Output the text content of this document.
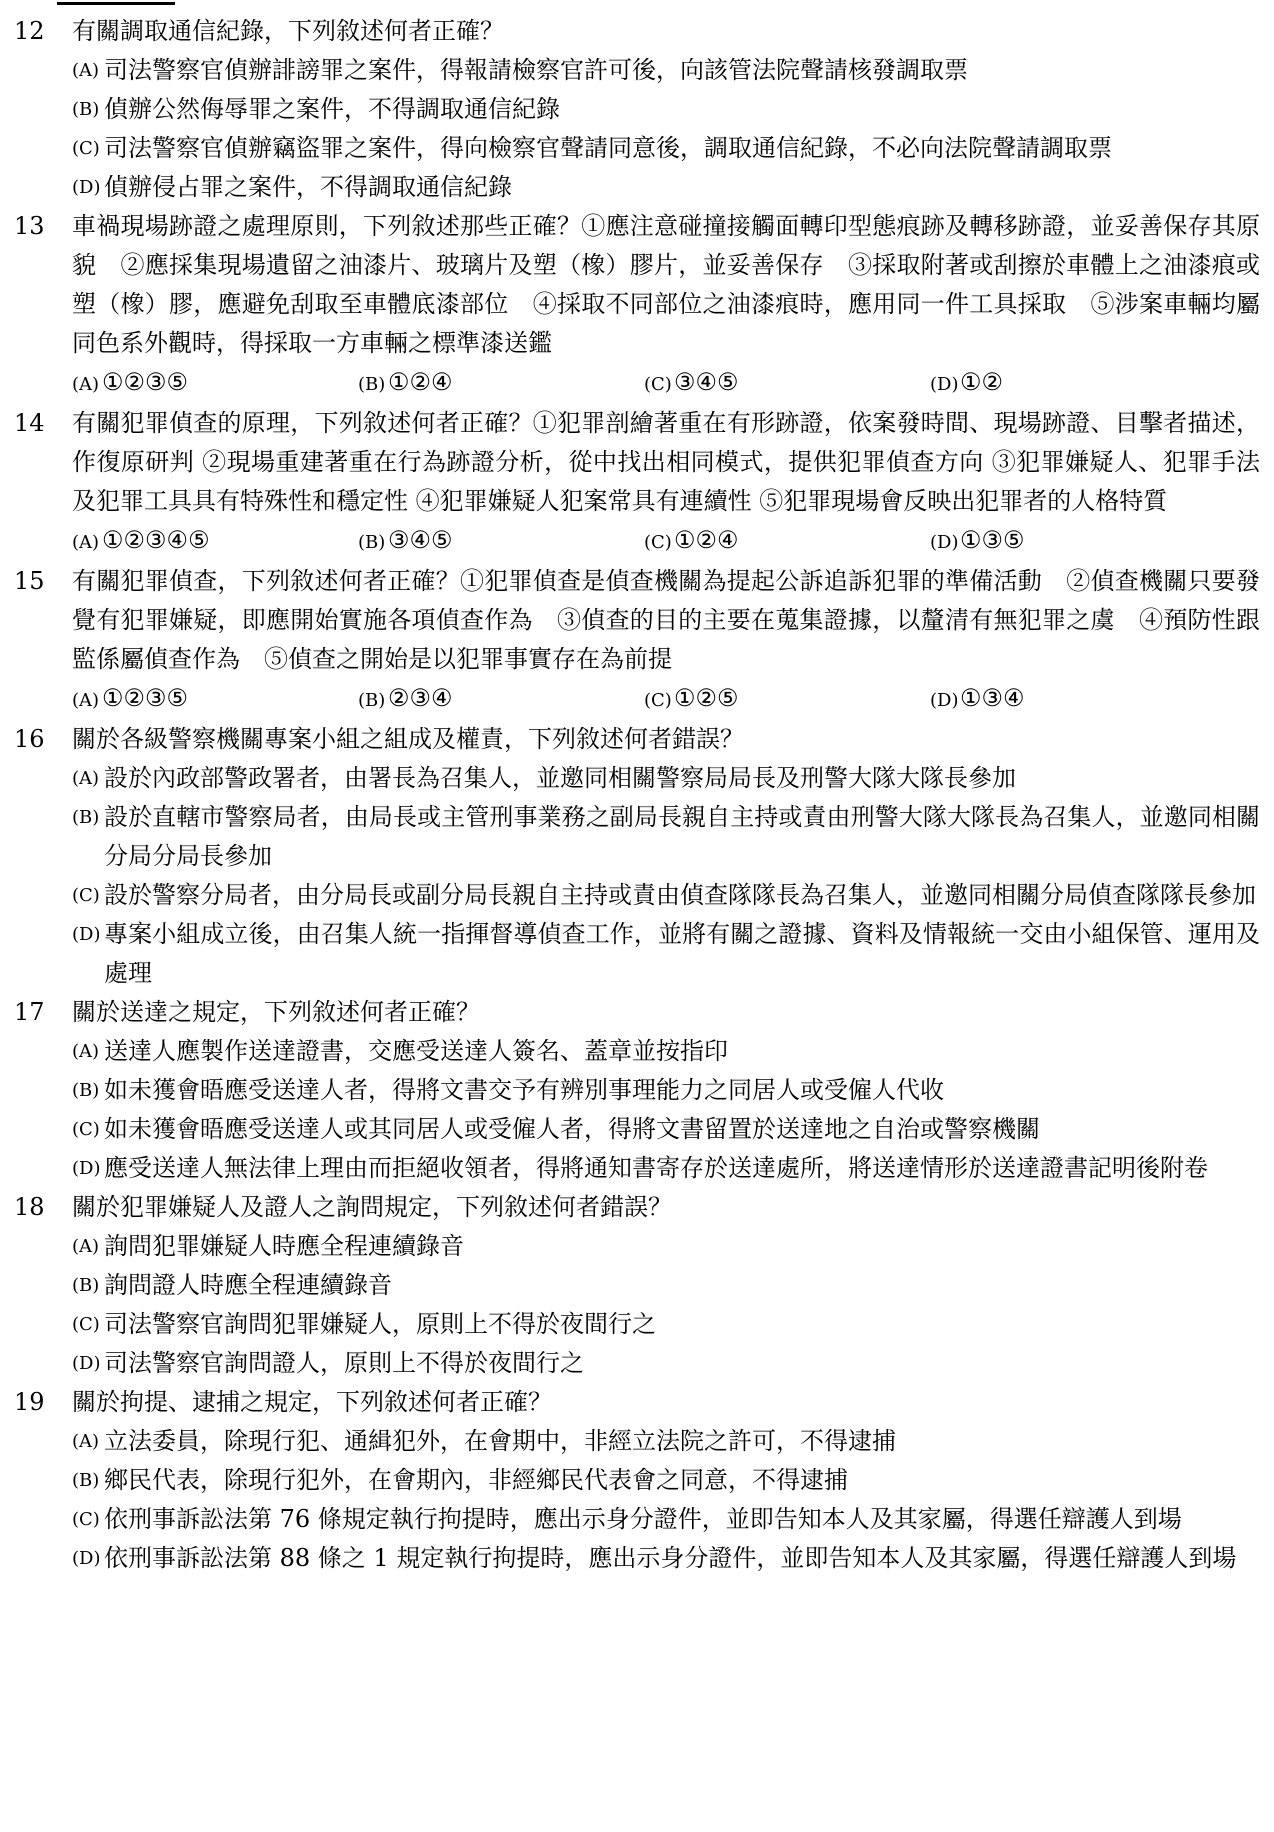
12	有關調取通信紀錄，下列敘述何者正確？
(A) 司法警察官偵辦誹謗罪之案件，得報請檢察官許可後，向該管法院聲請核發調取票
(B) 偵辦公然侮辱罪之案件，不得調取通信紀錄
(C) 司法警察官偵辦竊盜罪之案件，得向檢察官聲請同意後，調取通信紀錄，不必向法院聲請調取票
(D) 偵辦侵占罪之案件，不得調取通信紀錄
13	車禍現場跡證之處理原則，下列敘述那些正確？①應注意碰撞接觸面轉印型態痕跡及轉移跡證，並妥善保存其原貌　②應採集現場遺留之油漆片、玻璃片及塑（橡）膠片，並妥善保存　③採取附著或刮擦於車體上之油漆痕或塑（橡）膠，應避免刮取至車體底漆部位　④採取不同部位之油漆痕時，應用同一件工具採取　⑤涉案車輛均屬同色系外觀時，得採取一方車輛之標準漆送鑑
(A) ①②③⑤	(B) ①②④	(C)③④⑤	(D)①②
14	有關犯罪偵查的原理，下列敘述何者正確？①犯罪剖繪著重在有形跡證，依案發時間、現場跡證、目擊者描述，作復原研判 ②現場重建著重在行為跡證分析，從中找出相同模式，提供犯罪偵查方向 ③犯罪嫌疑人、犯罪手法及犯罪工具具有特殊性和穩定性 ④犯罪嫌疑人犯案常具有連續性 ⑤犯罪現場會反映出犯罪者的人格特質
(A) ①②③④⑤	(B) ③④⑤	(C)①②④	(D)①③⑤
15	有關犯罪偵查，下列敘述何者正確？①犯罪偵查是偵查機關為提起公訴追訴犯罪的準備活動　②偵查機關只要發覺有犯罪嫌疑，即應開始實施各項偵查作為　③偵查的目的主要在蒐集證據，以釐清有無犯罪之虞　④預防性跟監係屬偵查作為　⑤偵查之開始是以犯罪事實存在為前提
(A) ①②③⑤	(B) ②③④	(C)①②⑤	(D)①③④
16	關於各級警察機關專案小組之組成及權責，下列敘述何者錯誤？
(A) 設於內政部警政署者，由署長為召集人，並邀同相關警察局局長及刑警大隊大隊長參加
(B) 設於直轄市警察局者，由局長或主管刑事業務之副局長親自主持或責由刑警大隊大隊長為召集人，並邀同相關分局分局長參加
(C) 設於警察分局者，由分局長或副分局長親自主持或責由偵查隊隊長為召集人，並邀同相關分局偵查隊隊長參加
(D) 專案小組成立後，由召集人統一指揮督導偵查工作，並將有關之證據、資料及情報統一交由小組保管、運用及處理
17	關於送達之規定，下列敘述何者正確？
(A) 送達人應製作送達證書，交應受送達人簽名、蓋章並按指印
(B) 如未獲會晤應受送達人者，得將文書交予有辨別事理能力之同居人或受僱人代收
(C) 如未獲會晤應受送達人或其同居人或受僱人者，得將文書留置於送達地之自治或警察機關
(D) 應受送達人無法律上理由而拒絕收領者，得將通知書寄存於送達處所，將送達情形於送達證書記明後附卷
18	關於犯罪嫌疑人及證人之詢問規定，下列敘述何者錯誤？
(A) 詢問犯罪嫌疑人時應全程連續錄音
(B) 詢問證人時應全程連續錄音
(C) 司法警察官詢問犯罪嫌疑人，原則上不得於夜間行之
(D) 司法警察官詢問證人，原則上不得於夜間行之
19	關於拘提、逮捕之規定，下列敘述何者正確？
(A) 立法委員，除現行犯、通緝犯外，在會期中，非經立法院之許可，不得逮捕
(B) 鄉民代表，除現行犯外，在會期內，非經鄉民代表會之同意，不得逮捕
(C) 依刑事訴訟法第 76 條規定執行拘提時，應出示身分證件，並即告知本人及其家屬，得選任辯護人到場
(D) 依刑事訴訟法第 88 條之 1 規定執行拘提時，應出示身分證件，並即告知本人及其家屬，得選任辯護人到場
